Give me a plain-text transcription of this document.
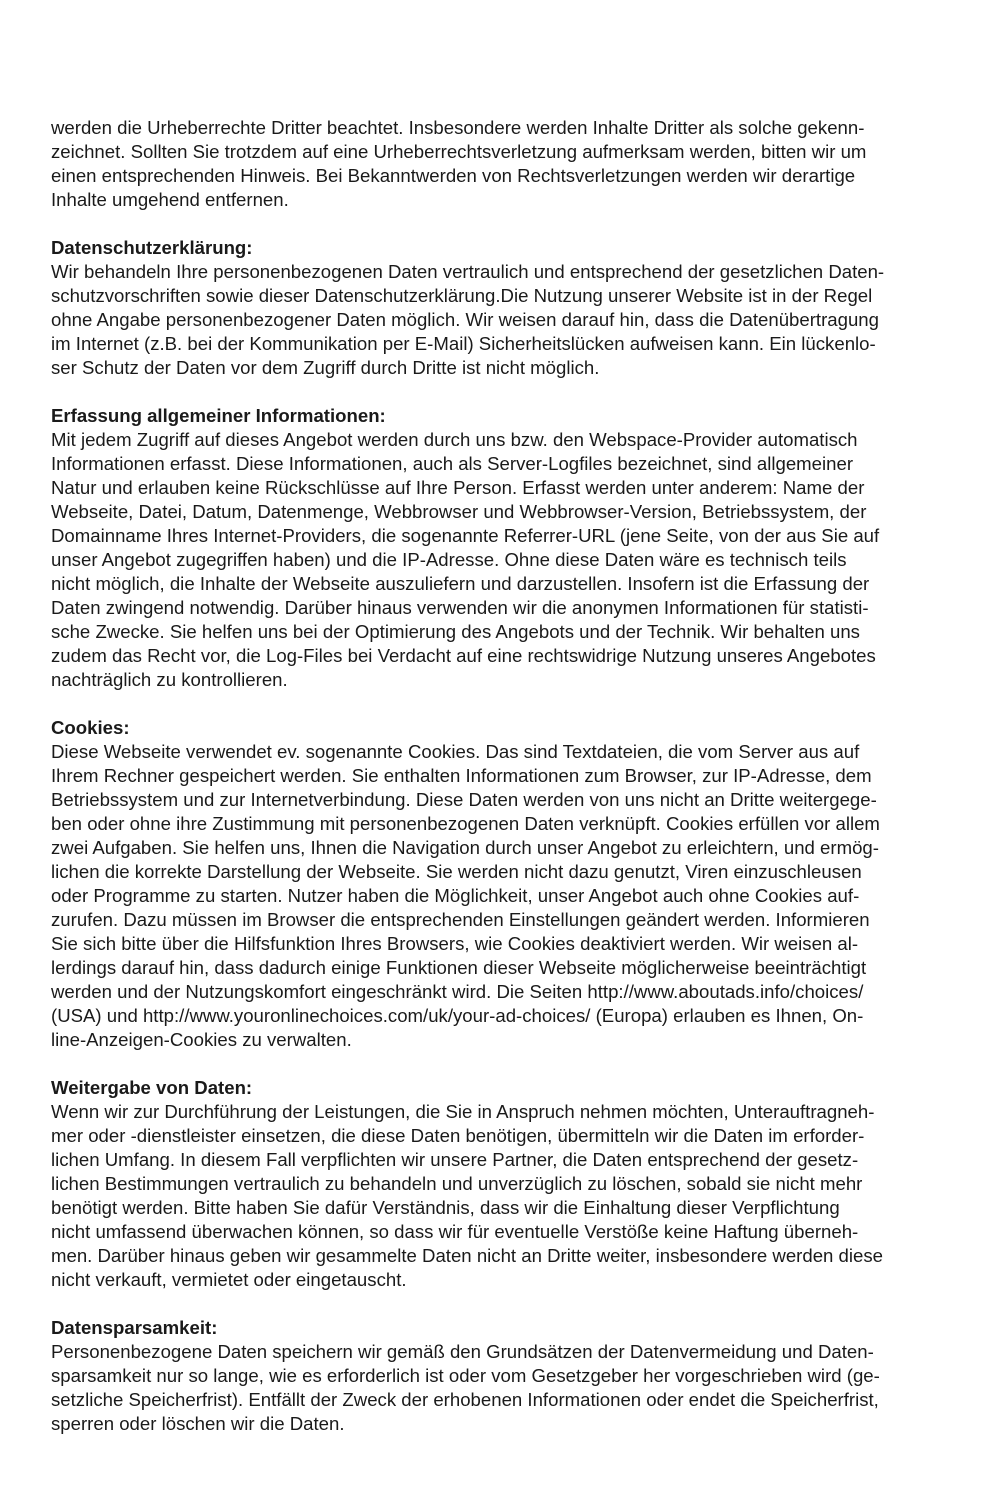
werden die Urheberrechte Dritter beachtet. Insbesondere werden Inhalte Dritter als solche gekenn-
zeichnet. Sollten Sie trotzdem auf eine Urheberrechtsverletzung aufmerksam werden, bitten wir um
einen entsprechenden Hinweis. Bei Bekanntwerden von Rechtsverletzungen werden wir derartige
Inhalte umgehend entfernen.
Datenschutzerklärung:
Wir behandeln Ihre personenbezogenen Daten vertraulich und entsprechend der gesetzlichen Daten-
schutzvorschriften sowie dieser Datenschutzerklärung.Die Nutzung unserer Website ist in der Regel
ohne Angabe personenbezogener Daten möglich. Wir weisen darauf hin, dass die Datenübertragung
im Internet (z.B. bei der Kommunikation per E-Mail) Sicherheitslücken aufweisen kann. Ein lückenlo-
ser Schutz der Daten vor dem Zugriff durch Dritte ist nicht möglich.
Erfassung allgemeiner Informationen:
Mit jedem Zugriff auf dieses Angebot werden durch uns bzw. den Webspace-Provider automatisch
Informationen erfasst. Diese Informationen, auch als Server-Logfiles bezeichnet, sind allgemeiner
Natur und erlauben keine Rückschlüsse auf Ihre Person. Erfasst werden unter anderem: Name der
Webseite, Datei, Datum, Datenmenge, Webbrowser und Webbrowser-Version, Betriebssystem, der
Domainname Ihres Internet-Providers, die sogenannte Referrer-URL (jene Seite, von der aus Sie auf
unser Angebot zugegriffen haben) und die IP-Adresse. Ohne diese Daten wäre es technisch teils
nicht möglich, die Inhalte der Webseite auszuliefern und darzustellen. Insofern ist die Erfassung der
Daten zwingend notwendig. Darüber hinaus verwenden wir die anonymen Informationen für statisti-
sche Zwecke. Sie helfen uns bei der Optimierung des Angebots und der Technik. Wir behalten uns
zudem das Recht vor, die Log-Files bei Verdacht auf eine rechtswidrige Nutzung unseres Angebotes
nachträglich zu kontrollieren.
Cookies:
Diese Webseite verwendet ev. sogenannte Cookies. Das sind Textdateien, die vom Server aus auf
Ihrem Rechner gespeichert werden. Sie enthalten Informationen zum Browser, zur IP-Adresse, dem
Betriebssystem und zur Internetverbindung. Diese Daten werden von uns nicht an Dritte weitergege-
ben oder ohne ihre Zustimmung mit personenbezogenen Daten verknüpft. Cookies erfüllen vor allem
zwei Aufgaben. Sie helfen uns, Ihnen die Navigation durch unser Angebot zu erleichtern, und ermög-
lichen die korrekte Darstellung der Webseite. Sie werden nicht dazu genutzt, Viren einzuschleusen
oder Programme zu starten. Nutzer haben die Möglichkeit, unser Angebot auch ohne Cookies auf-
zurufen. Dazu müssen im Browser die entsprechenden Einstellungen geändert werden. Informieren
Sie sich bitte über die Hilfsfunktion Ihres Browsers, wie Cookies deaktiviert werden. Wir weisen al-
lerdings darauf hin, dass dadurch einige Funktionen dieser Webseite möglicherweise beeinträchtigt
werden und der Nutzungskomfort eingeschränkt wird. Die Seiten http://www.aboutads.info/choices/
(USA) und http://www.youronlinechoices.com/uk/your-ad-choices/ (Europa) erlauben es Ihnen, On-
line-Anzeigen-Cookies zu verwalten.
Weitergabe von Daten:
Wenn wir zur Durchführung der Leistungen, die Sie in Anspruch nehmen möchten, Unterauftragneh-
mer oder -dienstleister einsetzen, die diese Daten benötigen, übermitteln wir die Daten im erforder-
lichen Umfang. In diesem Fall verpflichten wir unsere Partner, die Daten entsprechend der gesetz-
lichen Bestimmungen vertraulich zu behandeln und unverzüglich zu löschen, sobald sie nicht mehr
benötigt werden. Bitte haben Sie dafür Verständnis, dass wir die Einhaltung dieser Verpflichtung
nicht umfassend überwachen können, so dass wir für eventuelle Verstöße keine Haftung überneh-
men. Darüber hinaus geben wir gesammelte Daten nicht an Dritte weiter, insbesondere werden diese
nicht verkauft, vermietet oder eingetauscht.
Datensparsamkeit:
Personenbezogene Daten speichern wir gemäß den Grundsätzen der Datenvermeidung und Daten-
sparsamkeit nur so lange, wie es erforderlich ist oder vom Gesetzgeber her vorgeschrieben wird (ge-
setzliche Speicherfrist). Entfällt der Zweck der erhobenen Informationen oder endet die Speicherfrist,
sperren oder löschen wir die Daten.
